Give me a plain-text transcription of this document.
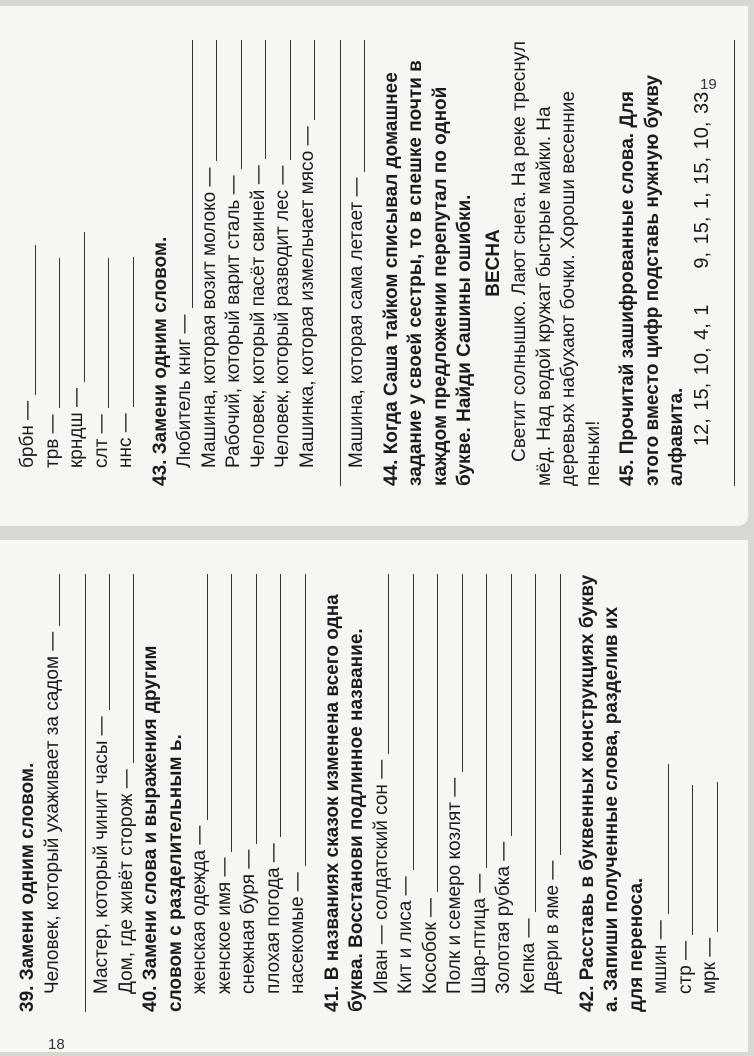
брбн — трв — крндш — слт — ннс —

43. Замени одним словом. Любитель книг — Машина, которая возит молоко — Рабочий, который варит сталь — Человек, который пасёт свиней — Человек, который разводит лес — Машинка, которая измельчает мясо — Машина, которая сама летает —

44. Когда Саша тайком списывал домашнее задание у своей сестры, то в спешке почти в каждом предложении перепутал по одной букве. Найди Сашины ошибки. ВЕСНА Светит солнышко. Лают снега. На реке треснул мёд. Над водой кружат быстрые майки. На деревьях набухают бочки. Хороши весенние пеньки! 45. Прочитай зашифрованные слова. Для этого вместо цифр подставь нужную букву алфавита. 12, 15, 10, 4, 19, 15, 1, 15, 10, 33
19

39. Замени одним словом. Человек, который ухаживает за садом — Мастер, который чинит часы — Дом, где живёт сторож —

40. Замени слова и выражения другим словом с разделительным ь. женская одежда — женское имя — снежная буря — плохая погода — насекомые —

41. В названиях сказок изменена всего одна буква. Восстанови подлинное название. Иван — солдатский сон — Кит и лиса — Кособок — Полк и семеро козлят — Шар-птица — Золотая рубка — Кепка — Двери в яме —

42. Расставь в буквенных конструкциях букву а. Запиши полученные слова, разделив их для переноса. мшин — стр — мрк —
18
